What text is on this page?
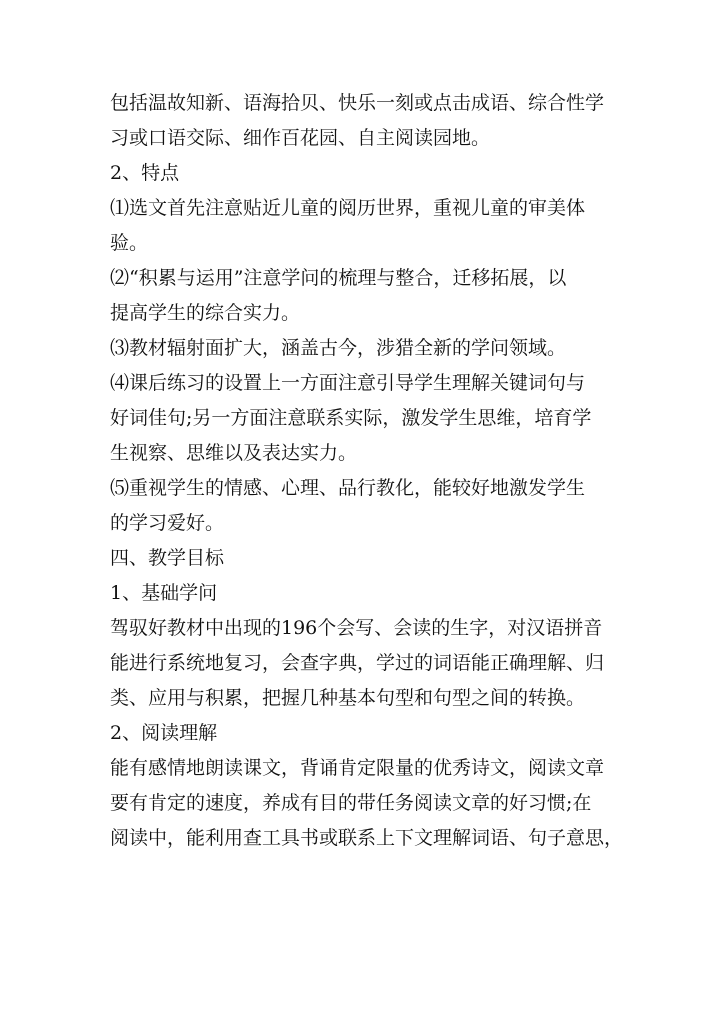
包括温故知新、语海拾贝、快乐一刻或点击成语、综合性学
习或口语交际、细作百花园、自主阅读园地。
2、特点
⑴选文首先注意贴近儿童的阅历世界，重视儿童的审美体
验。
⑵“积累与运用”注意学问的梳理与整合，迁移拓展，以
提高学生的综合实力。
⑶教材辐射面扩大，涵盖古今，涉猎全新的学问领域。
⑷课后练习的设置上一方面注意引导学生理解关键词句与
好词佳句;另一方面注意联系实际，激发学生思维，培育学
生视察、思维以及表达实力。
⑸重视学生的情感、心理、品行教化，能较好地激发学生
的学习爱好。
四、教学目标
1、基础学问
驾驭好教材中出现的196个会写、会读的生字，对汉语拼音
能进行系统地复习，会查字典，学过的词语能正确理解、归
类、应用与积累，把握几种基本句型和句型之间的转换。
2、阅读理解
能有感情地朗读课文，背诵肯定限量的优秀诗文，阅读文章
要有肯定的速度，养成有目的带任务阅读文章的好习惯;在
阅读中，能利用查工具书或联系上下文理解词语、句子意思，
